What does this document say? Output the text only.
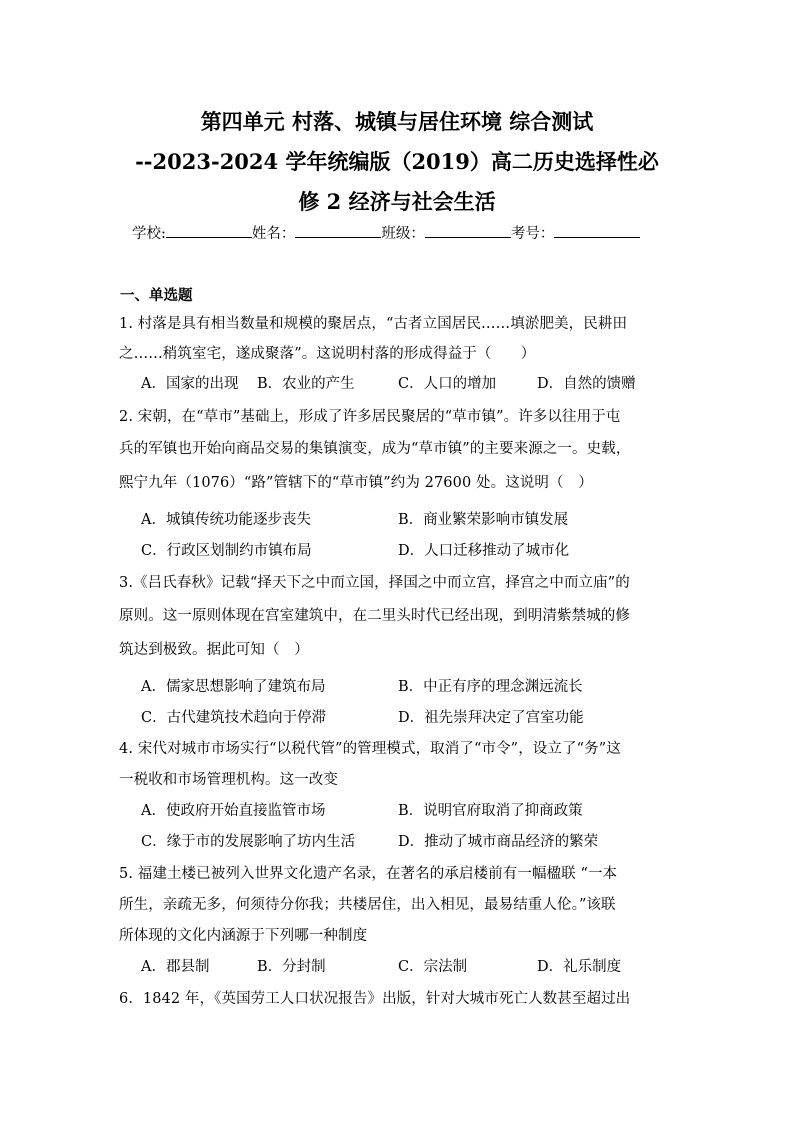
第四单元 村落、城镇与居住环境 综合测试
--2023-2024 学年统编版（2019）高二历史选择性必
修 2 经济与社会生活
学校:	姓名：	班级：	考号：
一、单选题
1. 村落是具有相当数量和规模的聚居点，“古者立国居民……填淤肥美，民耕田
之……稍筑室宅，遂成聚落”。这说明村落的形成得益于（　　）
A．国家的出现 B．农业的产生	C．人口的增加	D．自然的馈赠
2. 宋朝，在“草市”基础上，形成了许多居民聚居的“草市镇”。许多以往用于屯
兵的军镇也开始向商品交易的集镇演变，成为“草市镇”的主要来源之一。史载，
熙宁九年（1076）“路”管辖下的“草市镇”约为 27600 处。这说明（　）
A．城镇传统功能逐步丧失	B．商业繁荣影响市镇发展
C．行政区划制约市镇布局	D．人口迁移推动了城市化
3.《吕氏春秋》记载“择天下之中而立国，择国之中而立宫，择宫之中而立庙”的
原则。这一原则体现在宫室建筑中，在二里头时代已经出现，到明清紫禁城的修
筑达到极致。据此可知（　）
A．儒家思想影响了建筑布局	B．中正有序的理念渊远流长
C．古代建筑技术趋向于停滞	D．祖先崇拜决定了宫室功能
4. 宋代对城市市场实行“以税代管”的管理模式，取消了“市令”，设立了“务”这
一税收和市场管理机构。这一改变
A．使政府开始直接监管市场	B．说明官府取消了抑商政策
C．缘于市的发展影响了坊内生活	D．推动了城市商品经济的繁荣
5. 福建土楼已被列入世界文化遗产名录，在著名的承启楼前有一幅楹联 “一本
所生，亲疏无多，何须待分你我；共楼居住，出入相见，最易结重人伦。”该联
所体现的文化内涵源于下列哪一种制度
A．郡县制	B．分封制	C．宗法制	D．礼乐制度
6．1842 年，《英国劳工人口状况报告》出版，针对大城市死亡人数甚至超过出
